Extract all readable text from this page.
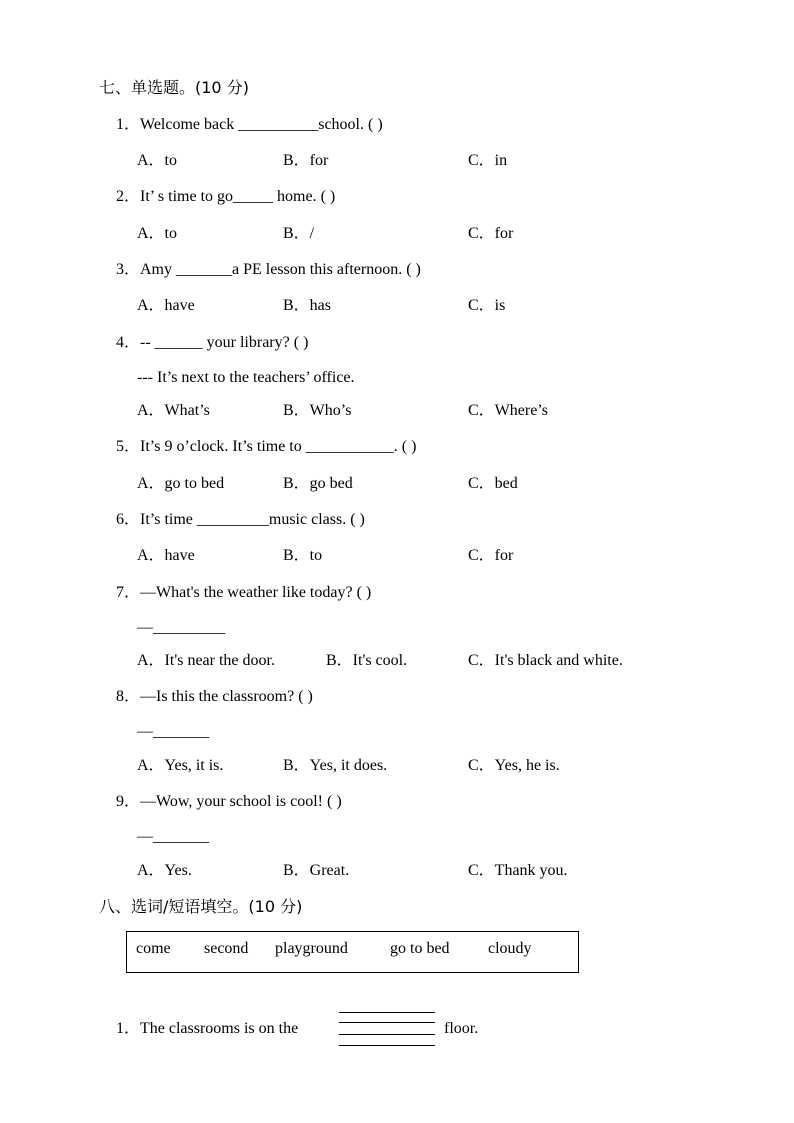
七、单选题。(10 分)
1．Welcome back __________school. ( )
A．to	B．for	C．in
2．It’ s time to go_____ home. ( )
A．to	B．/	C．for
3．Amy _______a PE lesson this afternoon. ( )
A．have	B．has	C．is
4．-- ______ your library? ( )
--- It’s next to the teachers’ office.
A．What’s	B．Who’s	C．Where’s
5．It’s 9 o’clock. It’s time to ___________. ( )
A．go to bed	B．go bed	C．bed
6．It’s time _________music class. ( )
A．have	B．to	C．for
7．—What's the weather like today? ( )
—_________
A．It's near the door.	B．It's cool.	C．It's black and white.
8．—Is this the classroom? ( )
—_______
A．Yes, it is.	B．Yes, it does.	C．Yes, he is.
9．—Wow, your school is cool! ( )
—_______
A．Yes.	B．Great.	C．Thank you.
八、选词/短语填空。(10 分)
come second playground	go to bed cloudy
1．The classrooms is on the	floor.
